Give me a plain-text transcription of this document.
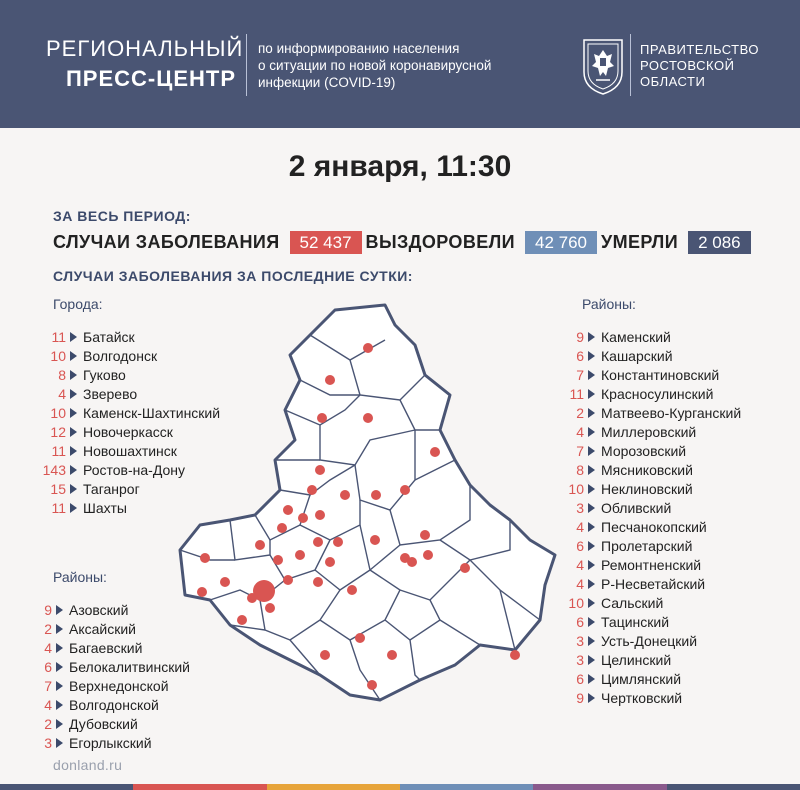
РЕГИОНАЛЬНЫЙ
ПРЕСС-ЦЕНТР
по информированию населения
о ситуации по новой коронавирусной
инфекции (COVID-19)
ПРАВИТЕЛЬСТВО
РОСТОВСКОЙ
ОБЛАСТИ
2 января, 11:30
ЗА ВЕСЬ ПЕРИОД:
СЛУЧАИ ЗАБОЛЕВАНИЯ	52 437 ВЫЗДОРОВЕЛИ	42 760 УМЕРЛИ	2 086
СЛУЧАИ ЗАБОЛЕВАНИЯ ЗА ПОСЛЕДНИЕ СУТКИ:
Города:
11 Батайск
10 Волгодонск
8 Гуково
4 Зверево
10 Каменск-Шахтинский
12 Новочеркасск
11 Новошахтинск
143 Ростов-на-Дону
15 Таганрог
11 Шахты
Районы:
9 Азовский
2 Аксайский
4 Багаевский
6 Белокалитвинский
7 Верхнедонской
4 Волгодонской
2 Дубовский
3 Егорлыкский
Районы:
9 Каменский
6 Кашарский
7 Константиновский
11 Красносулинский
2 Матвеево-Курганский
4 Миллеровский
7 Морозовский
8 Мясниковский
10 Неклиновский
3 Обливский
4 Песчанокопский
6 Пролетарский
4 Ремонтненский
4 Р-Несветайский
10 Сальский
6 Тацинский
3 Усть-Донецкий
3 Целинский
6 Цимлянский
9 Чертковский
donland.ru
